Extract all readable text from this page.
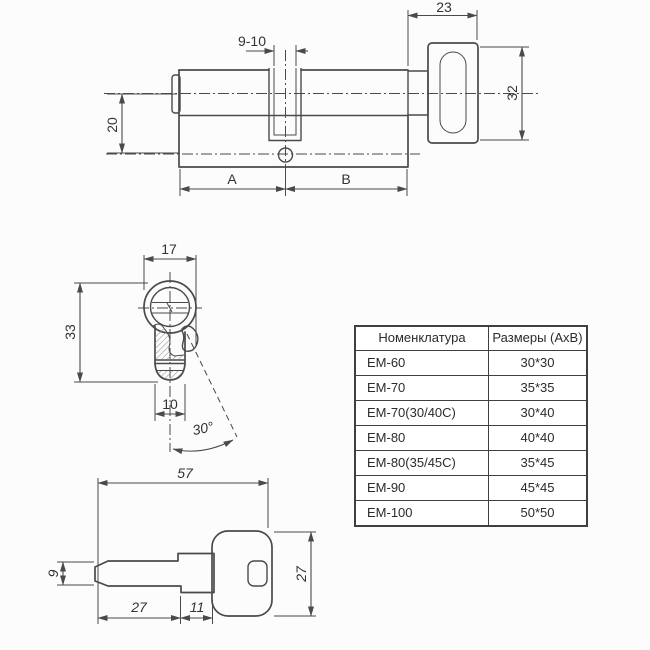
23
9-10
32
20
A	B
30°
17
33
10
57
9
27	11
27
Номенклатура	Размеры (АхВ)
EM-60	30*30
EM-70	35*35
EM-70(30/40C)	30*40
EM-80	40*40
EM-80(35/45C)	35*45
EM-90	45*45
EM-100	50*50
